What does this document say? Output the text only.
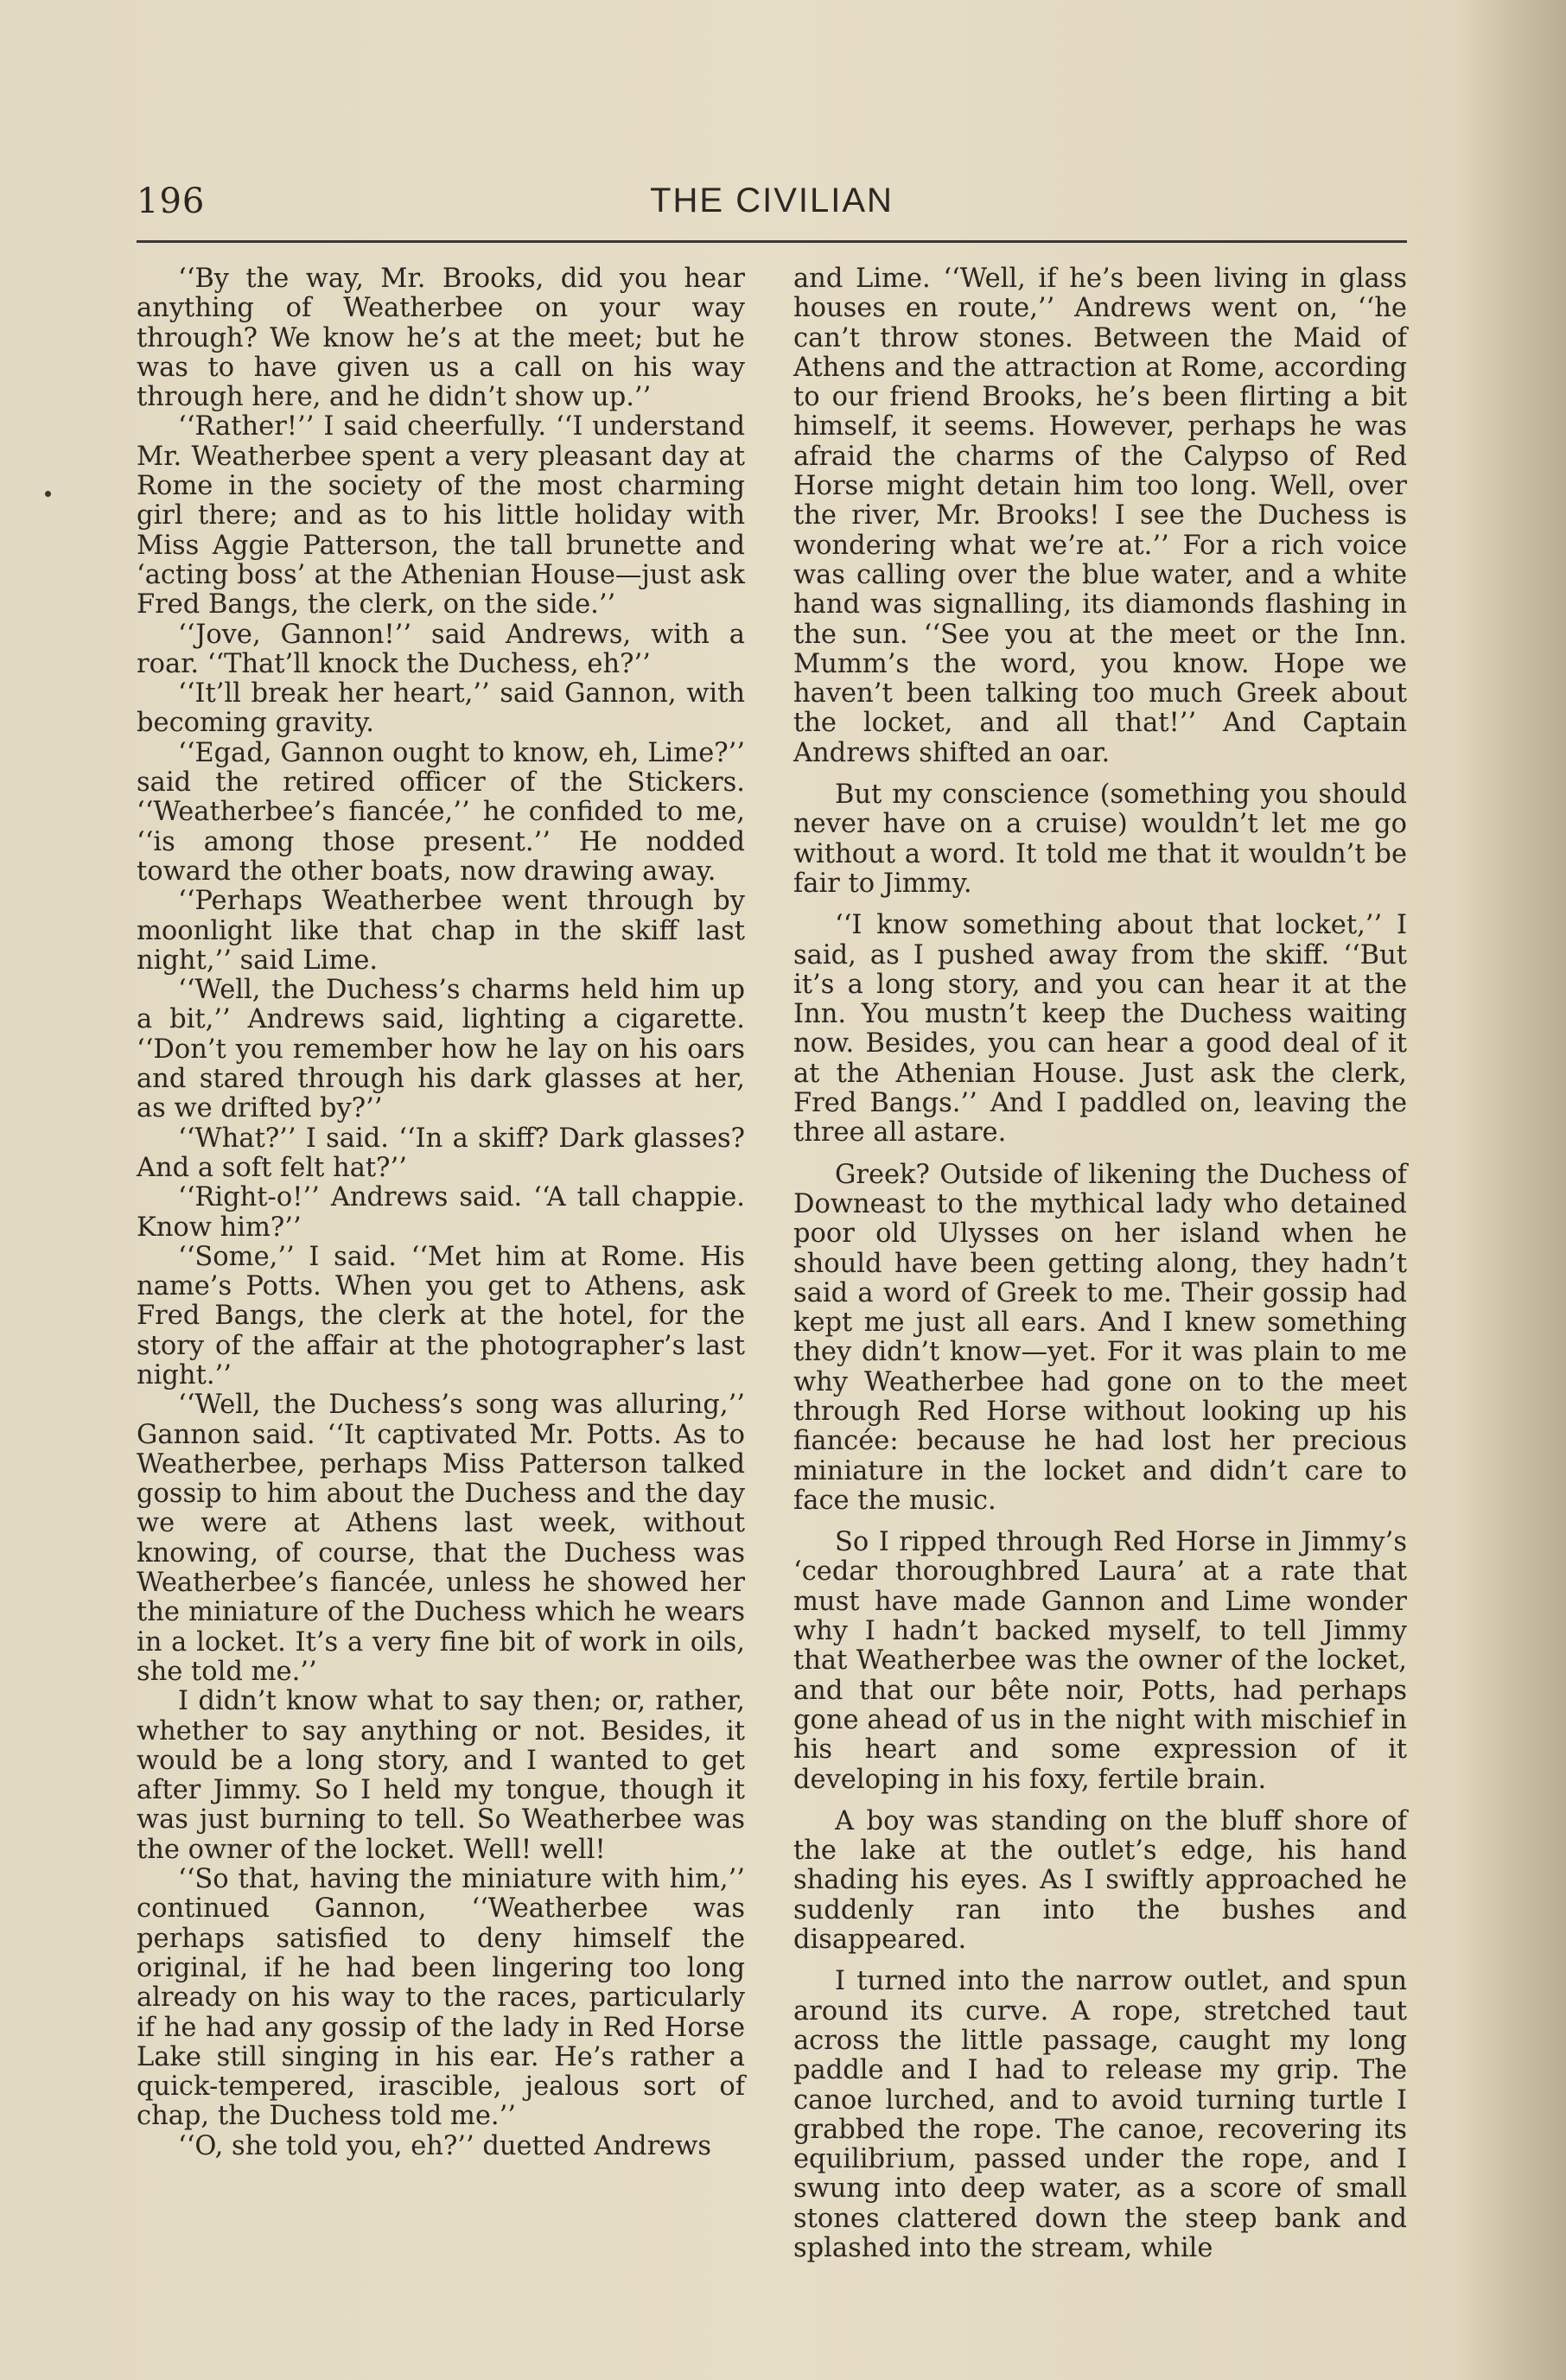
196	THE CIVILIAN

‘‘By the way, Mr. Brooks, did you hear anything of Weatherbee on your way through? We know he’s at the meet; but he was to have given us a call on his way through here, and he didn’t show up.’’

‘‘Rather!’’ I said cheerfully. ‘‘I understand Mr. Weatherbee spent a very pleasant day at Rome in the society of the most charming girl there; and as to his little holiday with Miss Aggie Patterson, the tall brunette and ‘acting boss’ at the Athenian House—just ask Fred Bangs, the clerk, on the side.’’

‘‘Jove, Gannon!’’ said Andrews, with a roar. ‘‘That’ll knock the Duchess, eh?’’

‘‘It’ll break her heart,’’ said Gannon, with becoming gravity.

‘‘Egad, Gannon ought to know, eh, Lime?’’ said the retired officer of the Stickers. ‘‘Weatherbee’s fiancée,’’ he confided to me, ‘‘is among those present.’’ He nodded toward the other boats, now drawing away.

‘‘Perhaps Weatherbee went through by moonlight like that chap in the skiff last night,’’ said Lime.

‘‘Well, the Duchess’s charms held him up a bit,’’ Andrews said, lighting a cigarette. ‘‘Don’t you remember how he lay on his oars and stared through his dark glasses at her, as we drifted by?’’

‘‘What?’’ I said. ‘‘In a skiff? Dark glasses? And a soft felt hat?’’

‘‘Right-o!’’ Andrews said. ‘‘A tall chappie. Know him?’’

‘‘Some,’’ I said. ‘‘Met him at Rome. His name’s Potts. When you get to Athens, ask Fred Bangs, the clerk at the hotel, for the story of the affair at the photographer’s last night.’’

‘‘Well, the Duchess’s song was alluring,’’ Gannon said. ‘‘It captivated Mr. Potts. As to Weatherbee, perhaps Miss Patterson talked gossip to him about the Duchess and the day we were at Athens last week, without knowing, of course, that the Duchess was Weatherbee’s fiancée, unless he showed her the miniature of the Duchess which he wears in a locket. It’s a very fine bit of work in oils, she told me.’’

I didn’t know what to say then; or, rather, whether to say anything or not. Besides, it would be a long story, and I wanted to get after Jimmy. So I held my tongue, though it was just burning to tell. So Weatherbee was the owner of the locket. Well! well!

‘‘So that, having the miniature with him,’’ continued Gannon, ‘‘Weatherbee was perhaps satisfied to deny himself the original, if he had been lingering too long already on his way to the races, particularly if he had any gossip of the lady in Red Horse Lake still singing in his ear. He’s rather a quick-tempered, irascible, jealous sort of chap, the Duchess told me.’’

‘‘O, she told you, eh?’’ duetted Andrews

and Lime. ‘‘Well, if he’s been living in glass houses en route,’’ Andrews went on, ‘‘he can’t throw stones. Between the Maid of Athens and the attraction at Rome, according to our friend Brooks, he’s been flirting a bit himself, it seems. However, perhaps he was afraid the charms of the Calypso of Red Horse might detain him too long. Well, over the river, Mr. Brooks! I see the Duchess is wondering what we’re at.’’ For a rich voice was calling over the blue water, and a white hand was signalling, its diamonds flashing in the sun. ‘‘See you at the meet or the Inn. Mumm’s the word, you know. Hope we haven’t been talking too much Greek about the locket, and all that!’’ And Captain Andrews shifted an oar.

But my conscience (something you should never have on a cruise) wouldn’t let me go without a word. It told me that it wouldn’t be fair to Jimmy.

‘‘I know something about that locket,’’ I said, as I pushed away from the skiff. ‘‘But it’s a long story, and you can hear it at the Inn. You mustn’t keep the Duchess waiting now. Besides, you can hear a good deal of it at the Athenian House. Just ask the clerk, Fred Bangs.’’ And I paddled on, leaving the three all astare.

Greek? Outside of likening the Duchess of Downeast to the mythical lady who detained poor old Ulysses on her island when he should have been getting along, they hadn’t said a word of Greek to me. Their gossip had kept me just all ears. And I knew something they didn’t know—yet. For it was plain to me why Weatherbee had gone on to the meet through Red Horse without looking up his fiancée: because he had lost her precious miniature in the locket and didn’t care to face the music.

So I ripped through Red Horse in Jimmy’s ‘cedar thoroughbred Laura’ at a rate that must have made Gannon and Lime wonder why I hadn’t backed myself, to tell Jimmy that Weatherbee was the owner of the locket, and that our bête noir, Potts, had perhaps gone ahead of us in the night with mischief in his heart and some expression of it developing in his foxy, fertile brain.

A boy was standing on the bluff shore of the lake at the outlet’s edge, his hand shading his eyes. As I swiftly approached he suddenly ran into the bushes and disappeared.

I turned into the narrow outlet, and spun around its curve. A rope, stretched taut across the little passage, caught my long paddle and I had to release my grip. The canoe lurched, and to avoid turning turtle I grabbed the rope. The canoe, recovering its equilibrium, passed under the rope, and I swung into deep water, as a score of small stones clattered down the steep bank and splashed into the stream, while
